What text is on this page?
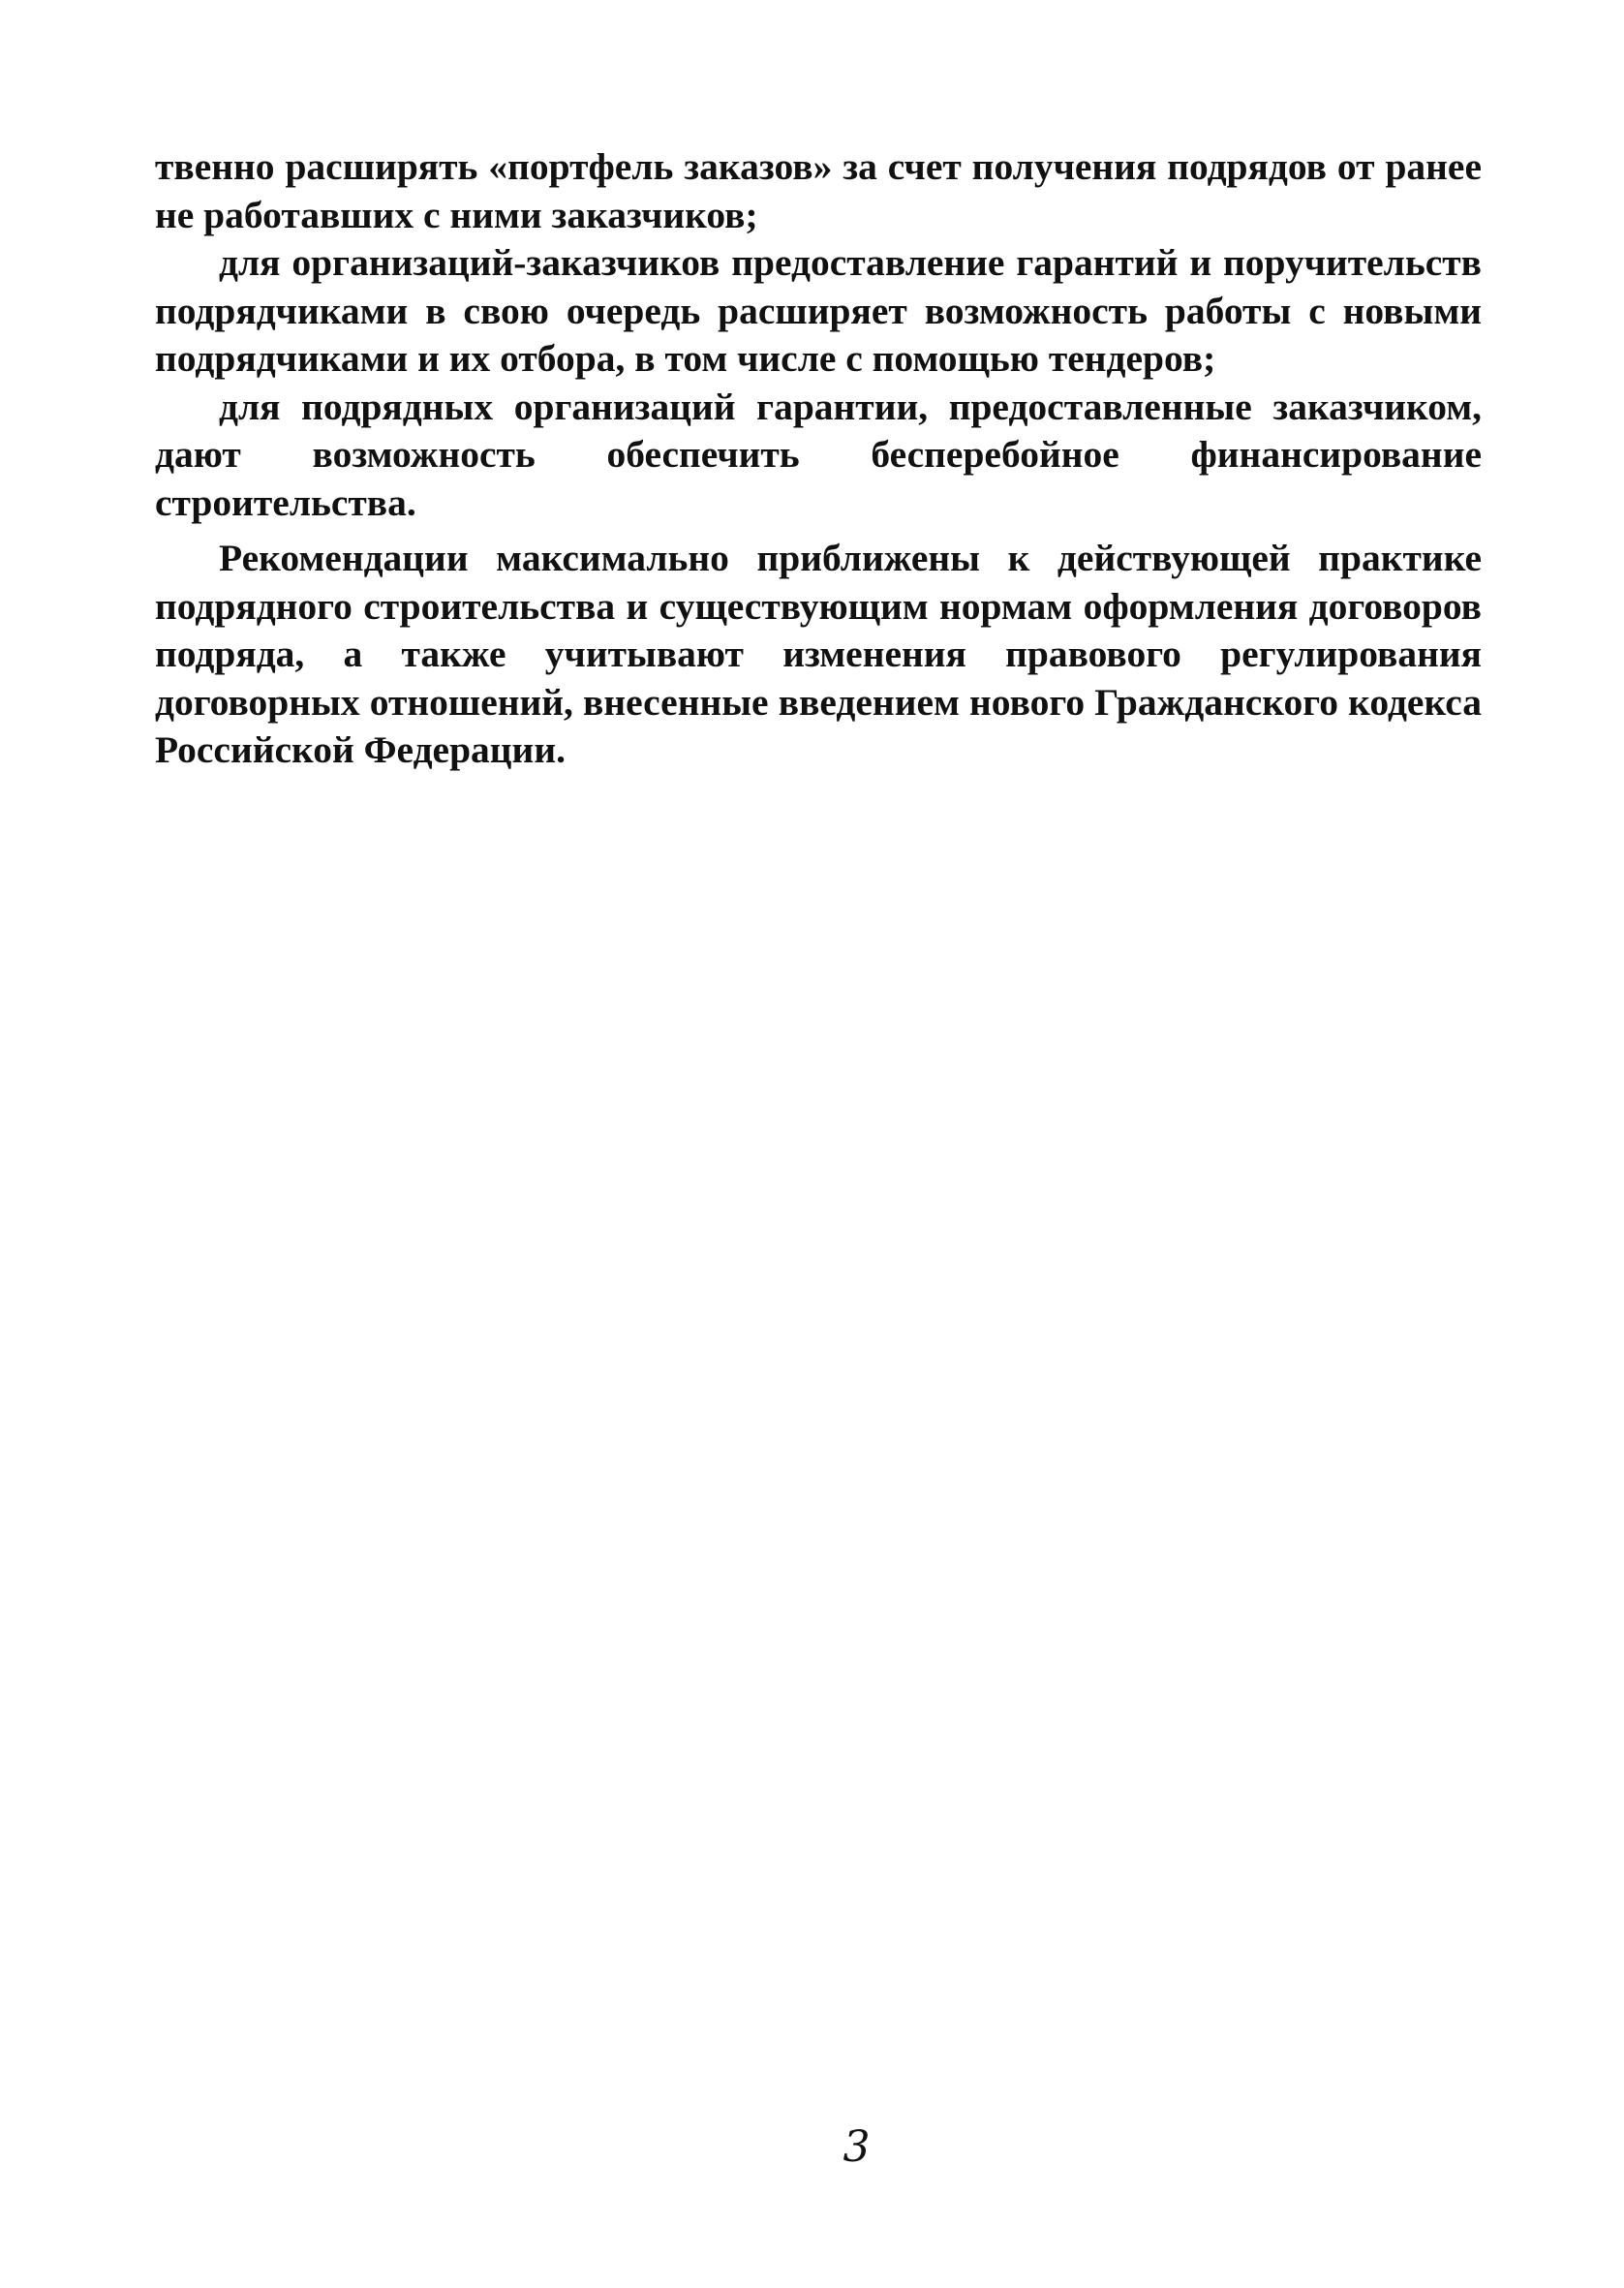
твенно расширять «портфель заказов» за счет получения подрядов от ранее не работавших с ними заказчиков;

для организаций-заказчиков предоставление гарантий и поручительств подрядчиками в свою очередь расширяет возможность работы с новыми подрядчиками и их отбора, в том числе с помощью тендеров;

для подрядных организаций гарантии, предоставленные заказчиком, дают возможность обеспечить бесперебойное финансирование строительства.

Рекомендации максимально приближены к действующей практике подрядного строительства и существующим нормам оформления договоров подряда, а также учитывают изменения правового регулирования договорных отношений, внесенные введением нового Гражданского кодекса Российской Федерации.

3
